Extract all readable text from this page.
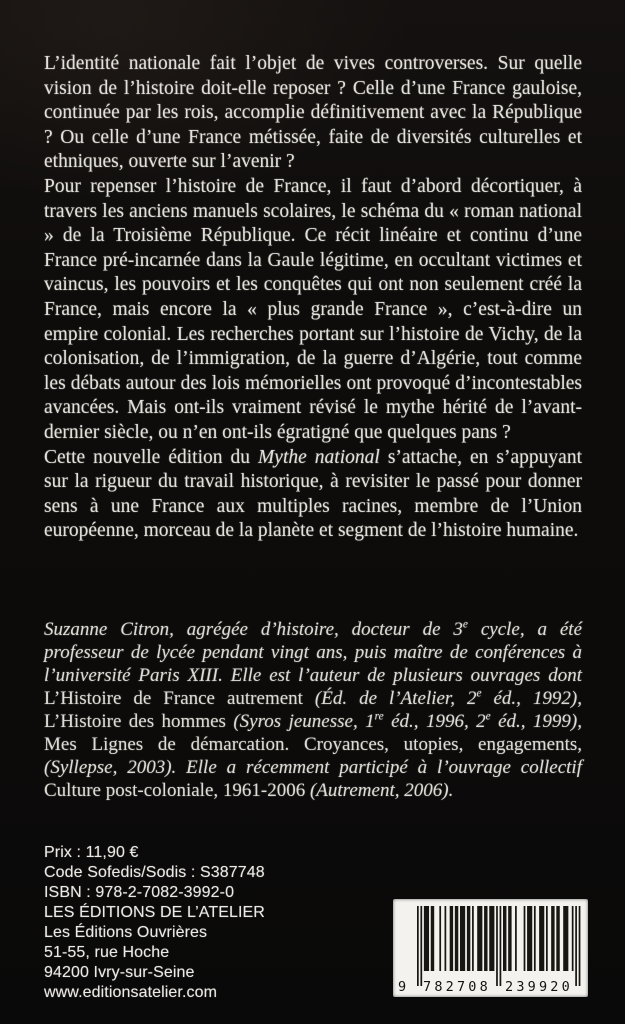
L’identité nationale fait l’objet de vives controverses. Sur quelle vision de l’histoire doit-elle reposer ? Celle d’une France gauloise, continuée par les rois, accomplie définitivement avec la République ? Ou celle d’une France métissée, faite de diversités culturelles et ethniques, ouverte sur l’avenir ?

Pour repenser l’histoire de France, il faut d’abord décortiquer, à travers les anciens manuels scolaires, le schéma du « roman national » de la Troisième République. Ce récit linéaire et continu d’une France pré-incarnée dans la Gaule légitime, en occultant victimes et vaincus, les pouvoirs et les conquêtes qui ont non seulement créé la France, mais encore la « plus grande France », c’est-à-dire un empire colonial. Les recherches portant sur l’histoire de Vichy, de la colonisation, de l’immigration, de la guerre d’Algérie, tout comme les débats autour des lois mémorielles ont provoqué d’incontestables avancées. Mais ont-ils vraiment révisé le mythe hérité de l’avant-dernier siècle, ou n’en ont-ils égratigné que quelques pans ?

Cette nouvelle édition du Mythe national s’attache, en s’appuyant sur la rigueur du travail historique, à revisiter le passé pour donner sens à une France aux multiples racines, membre de l’Union européenne, morceau de la planète et segment de l’histoire humaine.

Suzanne Citron, agrégée d’histoire, docteur de 3e cycle, a été professeur de lycée pendant vingt ans, puis maître de conférences à l’université Paris XIII. Elle est l’auteur de plusieurs ouvrages dont L’Histoire de France autrement (Éd. de l’Atelier, 2e éd., 1992), L’Histoire des hommes (Syros jeunesse, 1re éd., 1996, 2e éd., 1999), Mes Lignes de démarcation. Croyances, utopies, engagements, (Syllepse, 2003). Elle a récemment participé à l’ouvrage collectif Culture post-coloniale, 1961-2006 (Autrement, 2006).
Prix : 11,90 €
Code Sofedis/Sodis : S387748
ISBN : 978-2-7082-3992-0
LES ÉDITIONS DE L’ATELIER
Les Éditions Ouvrières
51-55, rue Hoche
94200 Ivry-sur-Seine
www.editionsatelier.com	9 782708 239920
